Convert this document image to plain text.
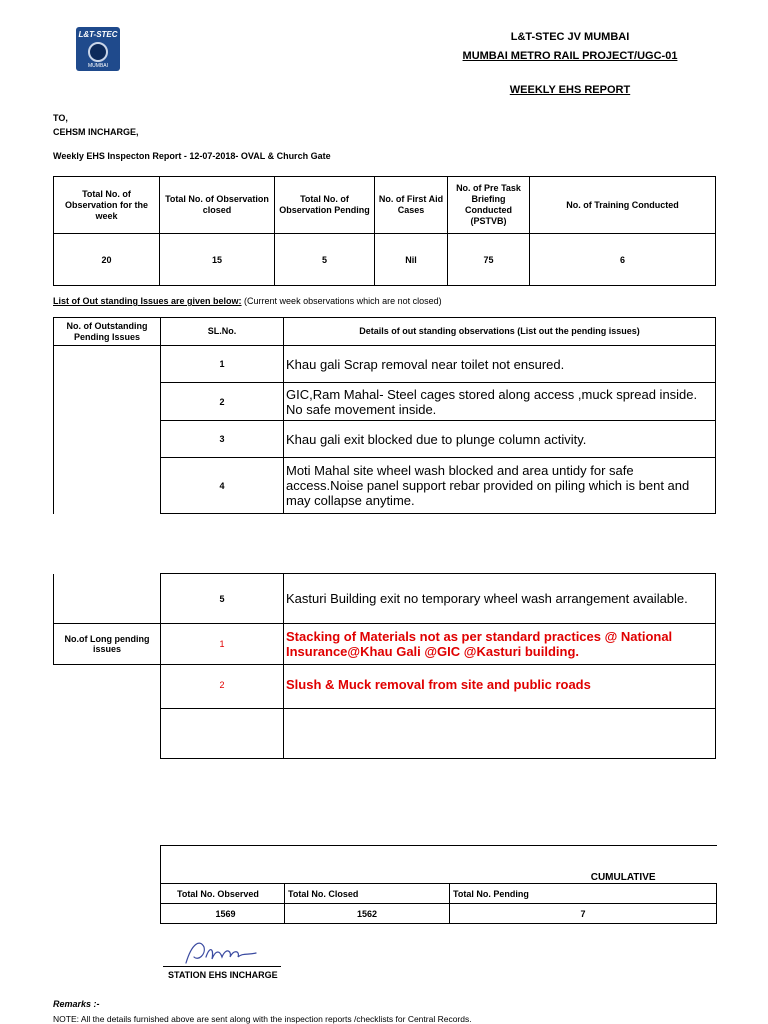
L&T-STEC
MUMBAI
L&T-STEC JV MUMBAI
MUMBAI METRO RAIL PROJECT/UGC-01
WEEKLY EHS REPORT
TO,
CEHSM INCHARGE,
Weekly EHS Inspecton Report - 12-07-2018- OVAL & Church Gate
Total No. of Observation for the week	Total No. of Observation closed	Total No. of Observation Pending	No. of First Aid Cases	No. of Pre Task Briefing Conducted (PSTVB)	No. of Training Conducted
20	15	5	Nil	75	6
List of Out standing Issues are given below: (Current week observations which are not closed)
No. of Outstanding Pending Issues	SL.No.	Details of out standing observations (List out the pending issues)
	1	Khau gali Scrap removal near toilet not ensured.
	2	GIC,Ram Mahal- Steel cages stored along access ,muck spread inside. No safe movement inside.
	3	Khau gali exit blocked due to plunge column activity.
	4	Moti Mahal site wheel wash blocked and area untidy for safe access.Noise panel support rebar provided on piling which is bent and may collapse anytime.
	5	Kasturi Building exit no temporary wheel wash arrangement available.
No.of Long pending issues	1	Stacking of Materials not as per standard practices @ National Insurance@Khau Gali @GIC @Kasturi building.
	2	Slush & Muck removal from site and public roads

CUMULATIVE		
Total No. Observed	Total No. Closed	Total No. Pending
1569	1562	7
STATION EHS INCHARGE
Remarks :-
NOTE: All the details furnished above are sent along with the inspection reports /checklists for Central Records.
